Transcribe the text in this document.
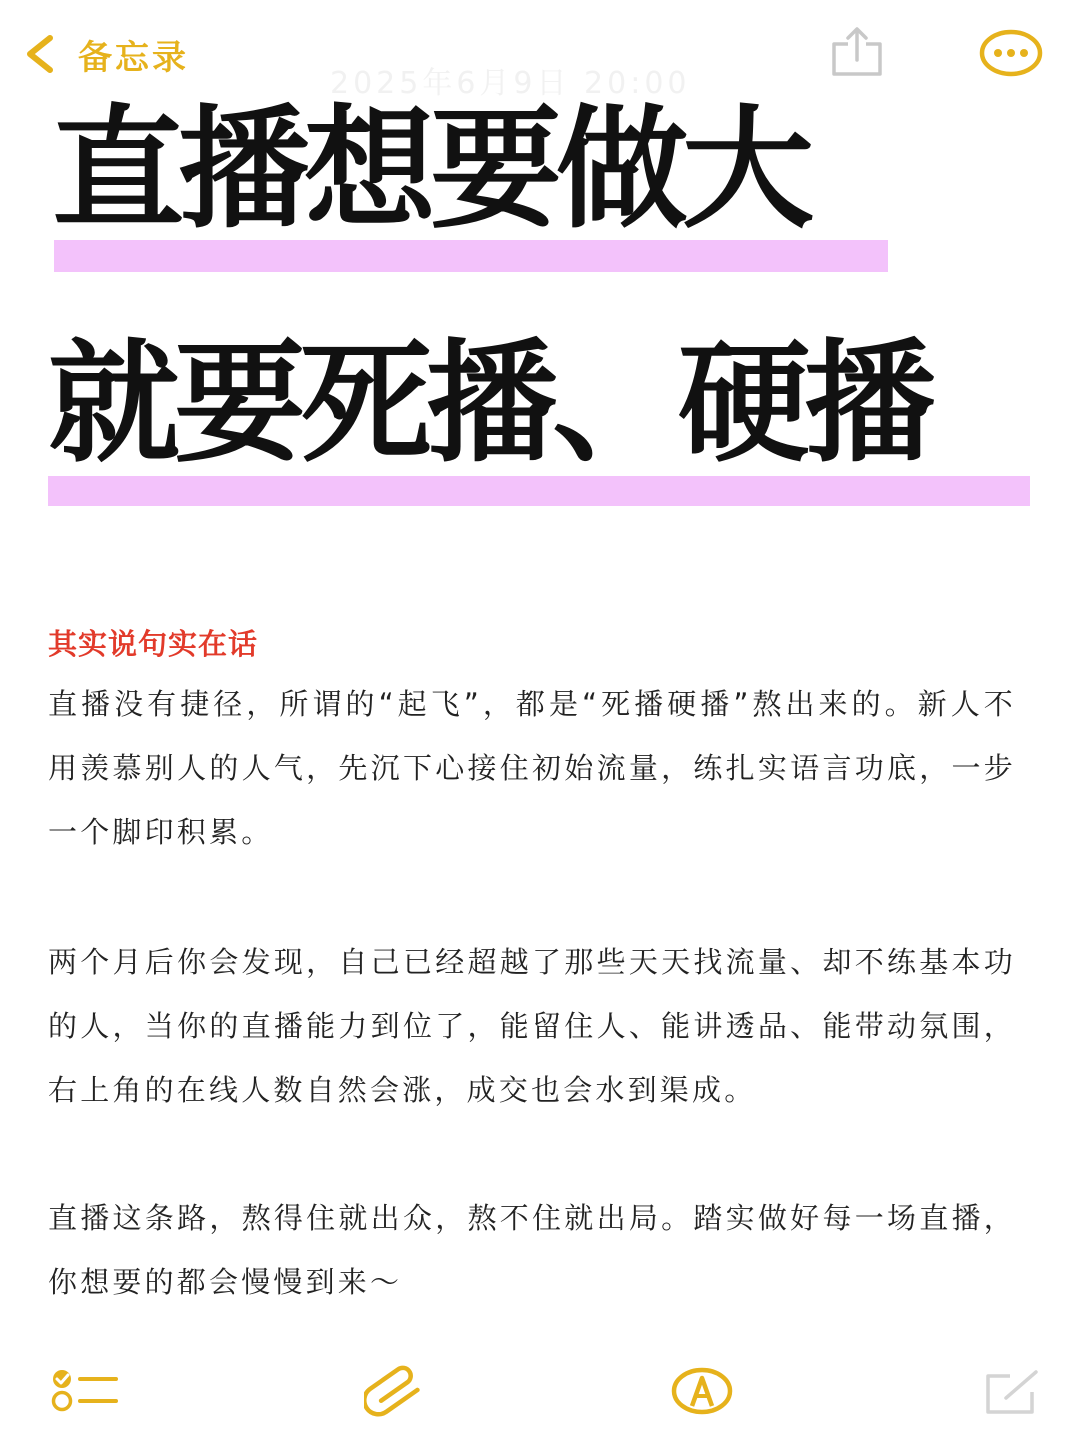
备忘录
2025年6月9日 20:00
直播想要做大
就要死播、硬播
其实说句实在话
直播没有捷径，所谓的“起飞”，都是“死播硬播”熬出来的。新人不用羡慕别人的人气，先沉下心接住初始流量，练扎实语言功底，一步一个脚印积累。
两个月后你会发现，自己已经超越了那些天天找流量、却不练基本功的人，当你的直播能力到位了，能留住人、能讲透品、能带动氛围，右上角的在线人数自然会涨，成交也会水到渠成。
直播这条路，熬得住就出众，熬不住就出局。踏实做好每一场直播，你想要的都会慢慢到来～
